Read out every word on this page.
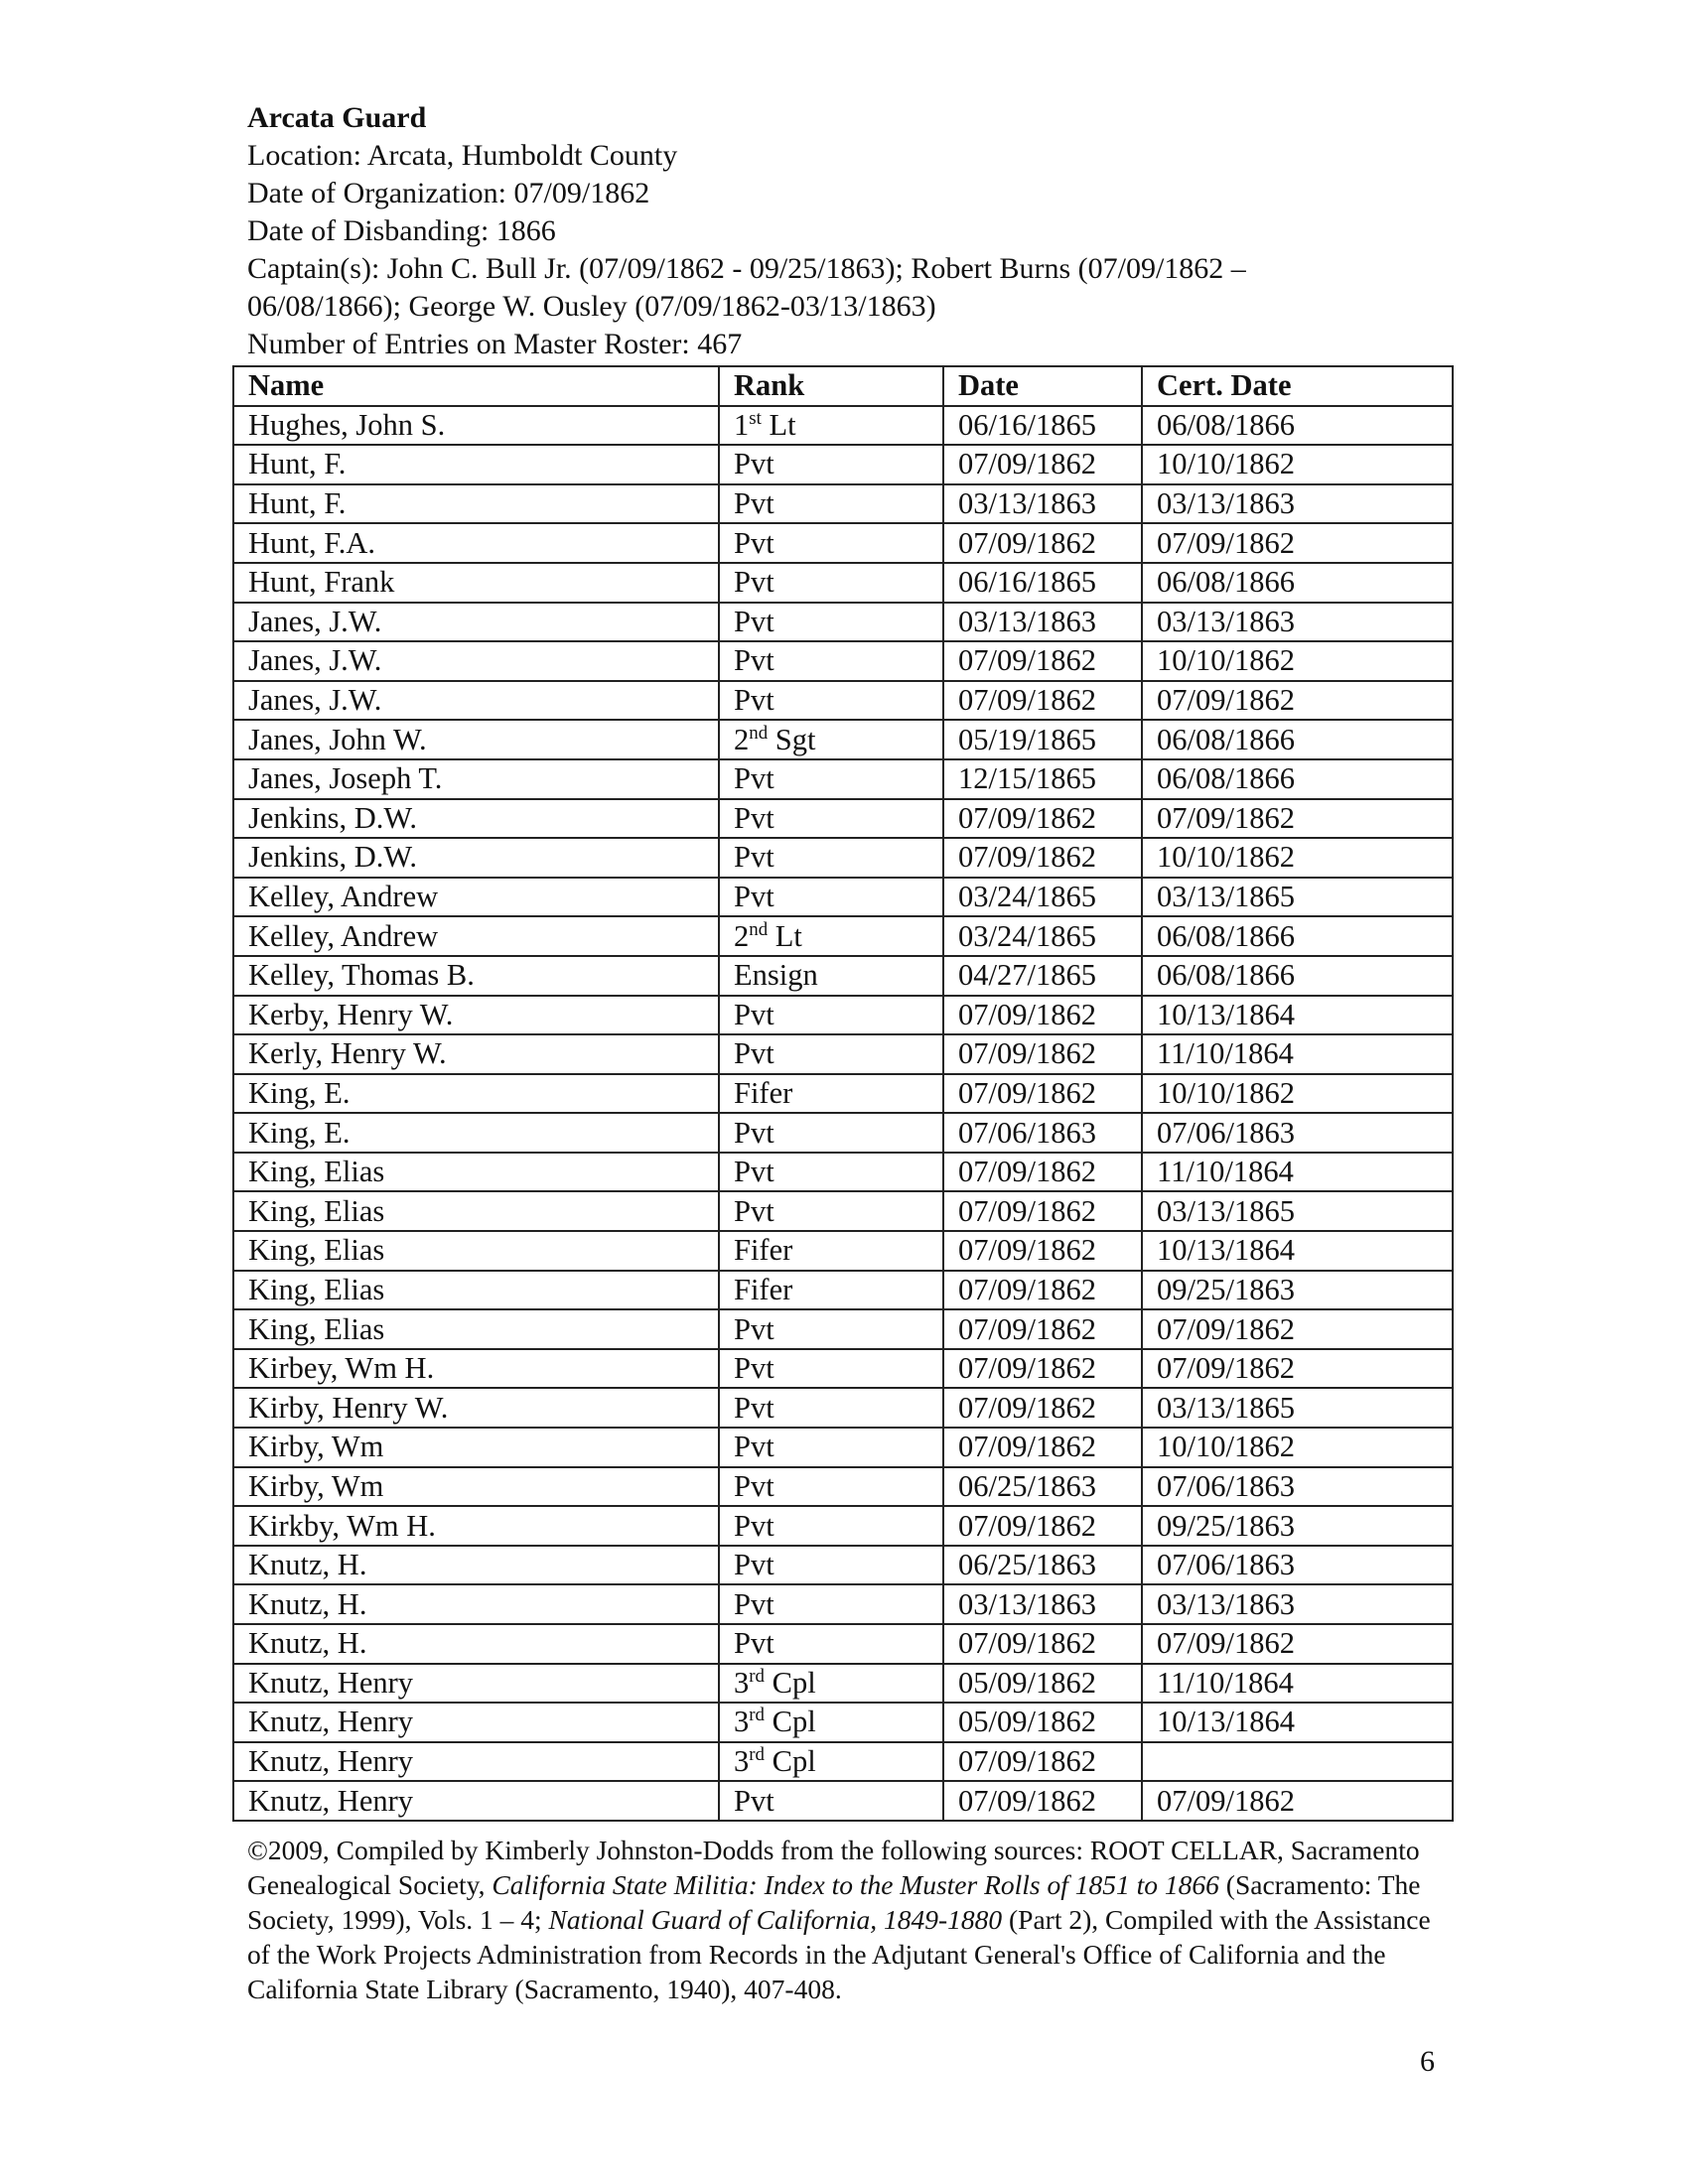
Arcata Guard
Location: Arcata, Humboldt County
Date of Organization: 07/09/1862
Date of Disbanding: 1866
Captain(s): John C. Bull Jr. (07/09/1862 - 09/25/1863); Robert Burns (07/09/1862 –
06/08/1866); George W. Ousley (07/09/1862-03/13/1863)
Number of Entries on Master Roster: 467
Name	Rank	Date	Cert. Date
Hughes, John S.	1st Lt	06/16/1865	06/08/1866
Hunt, F.	Pvt	07/09/1862	10/10/1862
Hunt, F.	Pvt	03/13/1863	03/13/1863
Hunt, F.A.	Pvt	07/09/1862	07/09/1862
Hunt, Frank	Pvt	06/16/1865	06/08/1866
Janes, J.W.	Pvt	03/13/1863	03/13/1863
Janes, J.W.	Pvt	07/09/1862	10/10/1862
Janes, J.W.	Pvt	07/09/1862	07/09/1862
Janes, John W.	2nd Sgt	05/19/1865	06/08/1866
Janes, Joseph T.	Pvt	12/15/1865	06/08/1866
Jenkins, D.W.	Pvt	07/09/1862	07/09/1862
Jenkins, D.W.	Pvt	07/09/1862	10/10/1862
Kelley, Andrew	Pvt	03/24/1865	03/13/1865
Kelley, Andrew	2nd Lt	03/24/1865	06/08/1866
Kelley, Thomas B.	Ensign	04/27/1865	06/08/1866
Kerby, Henry W.	Pvt	07/09/1862	10/13/1864
Kerly, Henry W.	Pvt	07/09/1862	11/10/1864
King, E.	Fifer	07/09/1862	10/10/1862
King, E.	Pvt	07/06/1863	07/06/1863
King, Elias	Pvt	07/09/1862	11/10/1864
King, Elias	Pvt	07/09/1862	03/13/1865
King, Elias	Fifer	07/09/1862	10/13/1864
King, Elias	Fifer	07/09/1862	09/25/1863
King, Elias	Pvt	07/09/1862	07/09/1862
Kirbey, Wm H.	Pvt	07/09/1862	07/09/1862
Kirby, Henry W.	Pvt	07/09/1862	03/13/1865
Kirby, Wm	Pvt	07/09/1862	10/10/1862
Kirby, Wm	Pvt	06/25/1863	07/06/1863
Kirkby, Wm H.	Pvt	07/09/1862	09/25/1863
Knutz, H.	Pvt	06/25/1863	07/06/1863
Knutz, H.	Pvt	03/13/1863	03/13/1863
Knutz, H.	Pvt	07/09/1862	07/09/1862
Knutz, Henry	3rd Cpl	05/09/1862	11/10/1864
Knutz, Henry	3rd Cpl	05/09/1862	10/13/1864
Knutz, Henry	3rd Cpl	07/09/1862	
Knutz, Henry	Pvt	07/09/1862	07/09/1862
©2009, Compiled by Kimberly Johnston-Dodds from the following sources: ROOT CELLAR, Sacramento Genealogical Society, California State Militia: Index to the Muster Rolls of 1851 to 1866 (Sacramento: The Society, 1999), Vols. 1 – 4; National Guard of California, 1849-1880 (Part 2), Compiled with the Assistance of the Work Projects Administration from Records in the Adjutant General's Office of California and the California State Library (Sacramento, 1940), 407-408.
6
